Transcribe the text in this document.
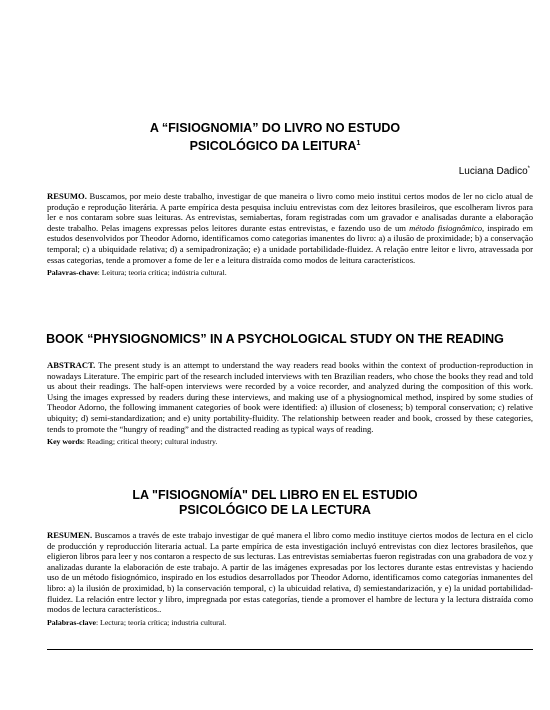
A “FISIOGNOMIA” DO LIVRO NO ESTUDO
PSICOLÓGICO DA LEITURA$^1$
Luciana Dadico*
RESUMO. Buscamos, por meio deste trabalho, investigar de que maneira o livro como meio institui certos modos de ler no ciclo atual de produção e reprodução literária. A parte empírica desta pesquisa incluiu entrevistas com dez leitores brasileiros, que escolheram livros para ler e nos contaram sobre suas leituras. As entrevistas, semiabertas, foram registradas com um gravador e analisadas durante a elaboração deste trabalho. Pelas imagens expressas pelos leitores durante estas entrevistas, e fazendo uso de um método fisiognômico, inspirado em estudos desenvolvidos por Theodor Adorno, identificamos como categorias imanentes do livro: a) a ilusão de proximidade; b) a conservação temporal; c) a ubiquidade relativa; d) a semipadronização; e) a unidade portabilidade-fluidez. A relação entre leitor e livro, atravessada por essas categorias, tende a promover a fome de ler e a leitura distraída como modos de leitura característicos.
Palavras-chave: Leitura; teoria crítica; indústria cultural.
BOOK “PHYSIOGNOMICS” IN A PSYCHOLOGICAL STUDY ON THE READING
ABSTRACT. The present study is an attempt to understand the way readers read books within the context of production-reproduction in nowadays Literature. The empiric part of the research included interviews with ten Brazilian readers, who chose the books they read and told us about their readings. The half-open interviews were recorded by a voice recorder, and analyzed during the composition of this work. Using the images expressed by readers during these interviews, and making use of a physiognomical method, inspired by some studies of Theodor Adorno, the following immanent categories of book were identified: a) illusion of closeness; b) temporal conservation; c) relative ubiquity; d) semi-standardization; and e) unity portability-fluidity. The relationship between reader and book, crossed by these categories, tends to promote the “hungry of reading” and the distracted reading as typical ways of reading.
Key words: Reading; critical theory; cultural industry.
LA "FISIOGNOMÍA" DEL LIBRO EN EL ESTUDIO
PSICOLÓGICO DE LA LECTURA
RESUMEN. Buscamos a través de este trabajo investigar de qué manera el libro como medio instituye ciertos modos de lectura en el ciclo de producción y reproducción literaria actual. La parte empírica de esta investigación incluyó entrevistas con diez lectores brasileños, que eligieron libros para leer y nos contaron a respecto de sus lecturas. Las entrevistas semiabertas fueron registradas con una grabadora de voz y analizadas durante la elaboración de este trabajo. A partir de las imágenes expresadas por los lectores durante estas entrevistas y haciendo uso de un método fisiognómico, inspirado en los estudios desarrollados por Theodor Adorno, identificamos como categorías inmanentes del libro: a) la ilusión de proximidad, b) la conservación temporal, c) la ubicuidad relativa, d) semiestandarización, y e) la unidad portabilidad-fluidez. La relación entre lector y libro, impregnada por estas categorías, tiende a promover el hambre de lectura y la lectura distraída como modos de lectura característicos..
Palabras-clave: Lectura; teoría crítica; industria cultural.
